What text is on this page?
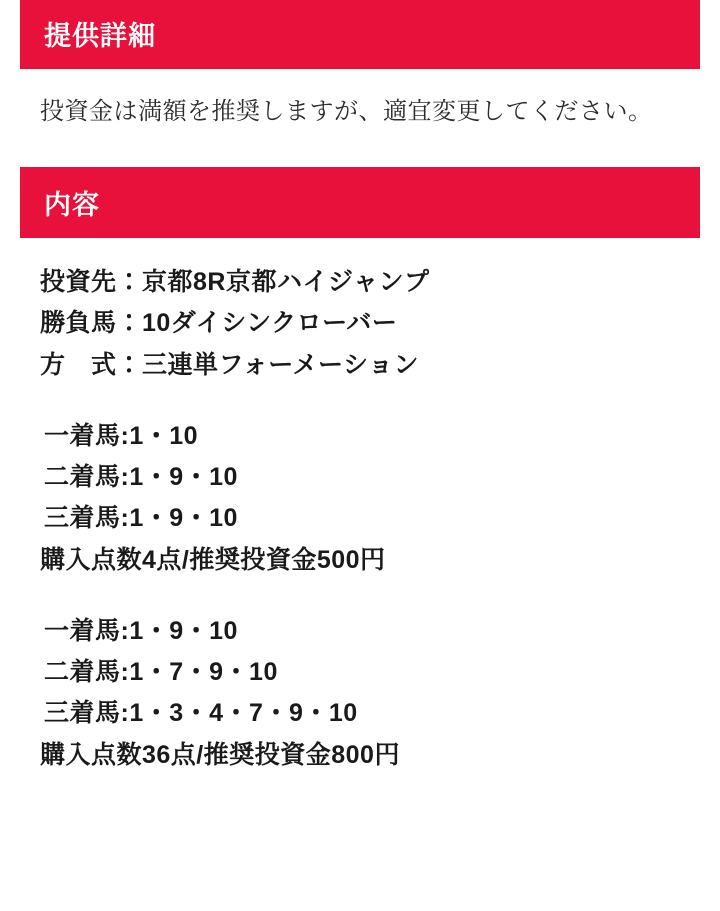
提供詳細
投資金は満額を推奨しますが、適宜変更してください。
内容
投資先：京都8R京都ハイジャンプ
勝負馬：10ダイシンクローバー
方　式：三連単フォーメーション
一着馬:1・10
二着馬:1・9・10
三着馬:1・9・10
購入点数4点/推奨投資金500円
一着馬:1・9・10
二着馬:1・7・9・10
三着馬:1・3・4・7・9・10
購入点数36点/推奨投資金800円
